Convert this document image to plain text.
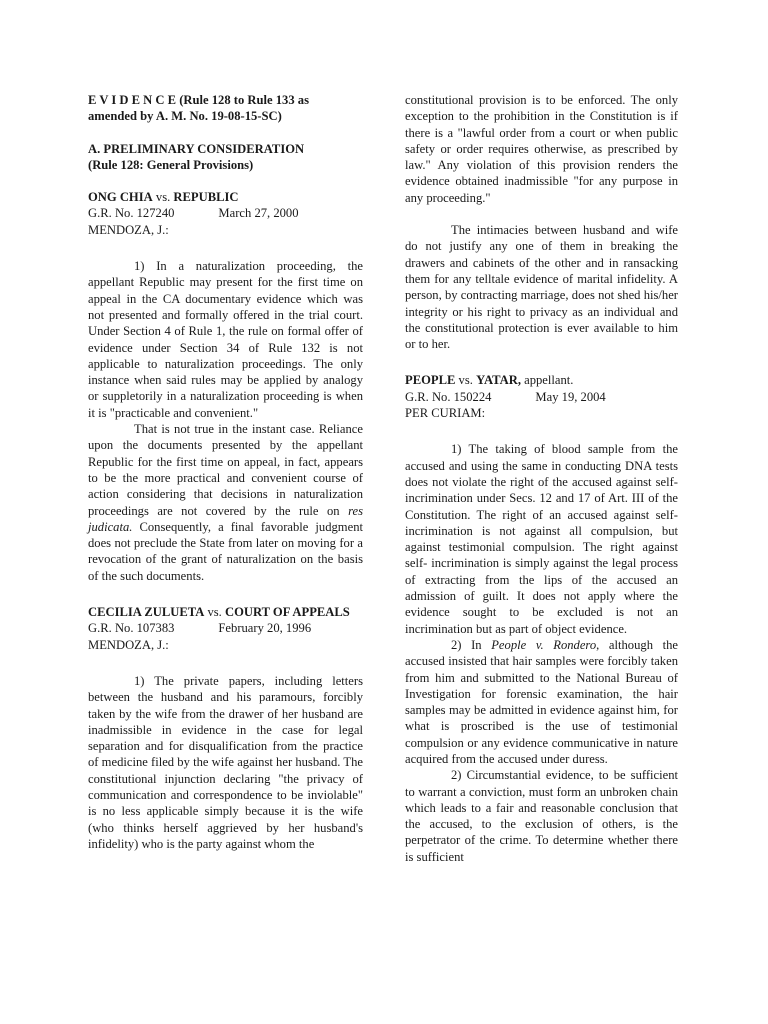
E V I D E N C E (Rule 128 to Rule 133 as
amended by A. M. No. 19-08-15-SC)

A. PRELIMINARY CONSIDERATION
(Rule 128: General Provisions)

ONG CHIA vs. REPUBLIC

G.R. No. 127240	March 27, 2000

MENDOZA, J.:

1) In a naturalization proceeding, the appellant Republic may present for the first time on appeal in the CA documentary evidence which was not presented and formally offered in the trial court. Under Section 4 of Rule 1, the rule on formal offer of evidence under Section 34 of Rule 132 is not applicable to naturalization proceedings. The only instance when said rules may be applied by analogy or suppletorily in a naturalization proceeding is when it is "practicable and convenient."

That is not true in the instant case. Reliance upon the documents presented by the appellant Republic for the first time on appeal, in fact, appears to be the more practical and convenient course of action considering that decisions in naturalization proceedings are not covered by the rule on res judicata. Consequently, a final favorable judgment does not preclude the State from later on moving for a revocation of the grant of naturalization on the basis of the such documents.

CECILIA ZULUETA vs. COURT OF APPEALS

G.R. No. 107383	February 20, 1996

MENDOZA, J.:

1) The private papers, including letters between the husband and his paramours, forcibly taken by the wife from the drawer of her husband are inadmissible in evidence in the case for legal separation and for disqualification from the practice of medicine filed by the wife against her husband. The constitutional injunction declaring "the privacy of communication and correspondence to be inviolable" is no less applicable simply because it is the wife (who thinks herself aggrieved by her husband's infidelity) who is the party against whom the

constitutional provision is to be enforced. The only exception to the prohibition in the Constitution is if there is a "lawful order from a court or when public safety or order requires otherwise, as prescribed by law." Any violation of this provision renders the evidence obtained inadmissible "for any purpose in any proceeding."

The intimacies between husband and wife do not justify any one of them in breaking the drawers and cabinets of the other and in ransacking them for any telltale evidence of marital infidelity. A person, by contracting marriage, does not shed his/her integrity or his right to privacy as an individual and the constitutional protection is ever available to him or to her.

PEOPLE vs. YATAR, appellant.

G.R. No. 150224	May 19, 2004

PER CURIAM:

1) The taking of blood sample from the accused and using the same in conducting DNA tests does not violate the right of the accused against self-incrimination under Secs. 12 and 17 of Art. III of the Constitution. The right of an accused against self-incrimination is not against all compulsion, but against testimonial compulsion. The right against self- incrimination is simply against the legal process of extracting from the lips of the accused an admission of guilt. It does not apply where the evidence sought to be excluded is not an incrimination but as part of object evidence.

2) In People v. Rondero, although the accused insisted that hair samples were forcibly taken from him and submitted to the National Bureau of Investigation for forensic examination, the hair samples may be admitted in evidence against him, for what is proscribed is the use of testimonial compulsion or any evidence communicative in nature acquired from the accused under duress.

2) Circumstantial evidence, to be sufficient to warrant a conviction, must form an unbroken chain which leads to a fair and reasonable conclusion that the accused, to the exclusion of others, is the perpetrator of the crime. To determine whether there is sufficient
